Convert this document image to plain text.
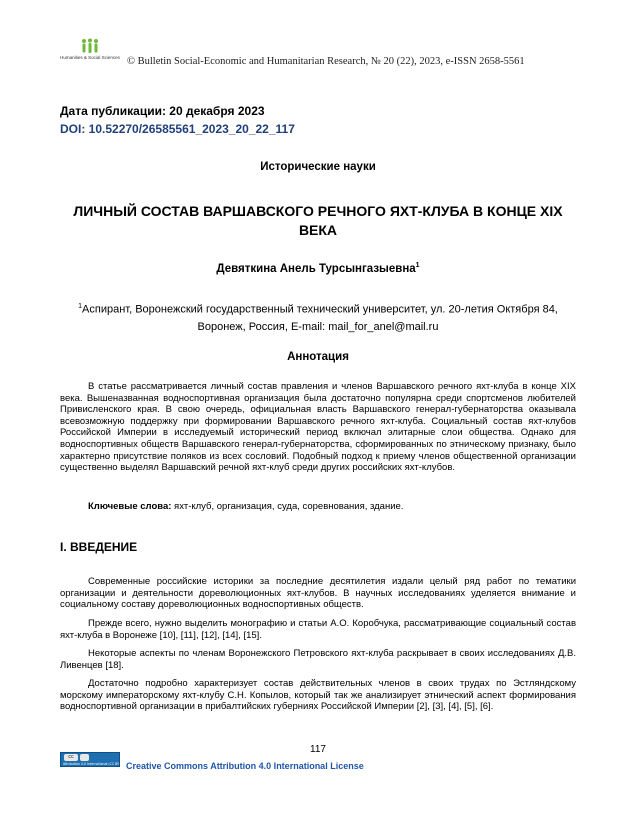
Humanities & Social Sciences © Bulletin Social-Economic and Humanitarian Research, № 20 (22), 2023, e-ISSN 2658-5561
Дата публикации: 20 декабря 2023
DOI: 10.52270/26585561_2023_20_22_117
Исторические науки
ЛИЧНЫЙ СОСТАВ ВАРШАВСКОГО РЕЧНОГО ЯХТ-КЛУБА В КОНЦЕ XIX ВЕКА
Девяткина Анель Турсынгазыевна$^1$
$^1$Аспирант, Воронежский государственный технический университет, ул. 20-летия Октября 84, Воронеж, Россия, E-mail: mail_for_anel@mail.ru
Аннотация
В статье рассматривается личный состав правления и членов Варшавского речного яхт-клуба в конце XIX века. Вышеназванная водноспортивная организация была достаточно популярна среди спортсменов любителей Привисленского края. В свою очередь, официальная власть Варшавского генерал-губернаторства оказывала всевозможную поддержку при формировании Варшавского речного яхт-клуба. Социальный состав яхт-клубов Российской Империи в исследуемый исторический период включал элитарные слои общества. Однако для водноспортивных обществ Варшавского генерал-губернаторства, сформированных по этническому признаку, было характерно присутствие поляков из всех сословий. Подобный подход к приему членов общественной организации существенно выделял Варшавский речной яхт-клуб среди других российских яхт-клубов.
Ключевые слова: яхт-клуб, организация, суда, соревнования, здание.
I. ВВЕДЕНИЕ
Современные российские историки за последние десятилетия издали целый ряд работ по тематики организации и деятельности дореволюционных яхт-клубов. В научных исследованиях уделяется внимание и социальному составу дореволюционных водноспортивных обществ.
Прежде всего, нужно выделить монографию и статьи А.О. Коробчука, рассматривающие социальный состав яхт-клуба в Воронеже [10], [11], [12], [14], [15].
Некоторые аспекты по членам Воронежского Петровского яхт-клуба раскрывает в своих исследованиях Д.В. Ливенцев [18].
Достаточно подробно характеризует состав действительных членов в своих трудах по Эстляндскому морскому императорскому яхт-клубу С.Н. Копылов, который так же анализирует этнический аспект формирования водноспортивной организации в прибалтийских губерниях Российской Империи [2], [3], [4], [5], [6].
117
cc
Attribution 4.0 International (CC BY 4.0) Creative Commons Attribution 4.0 International License
